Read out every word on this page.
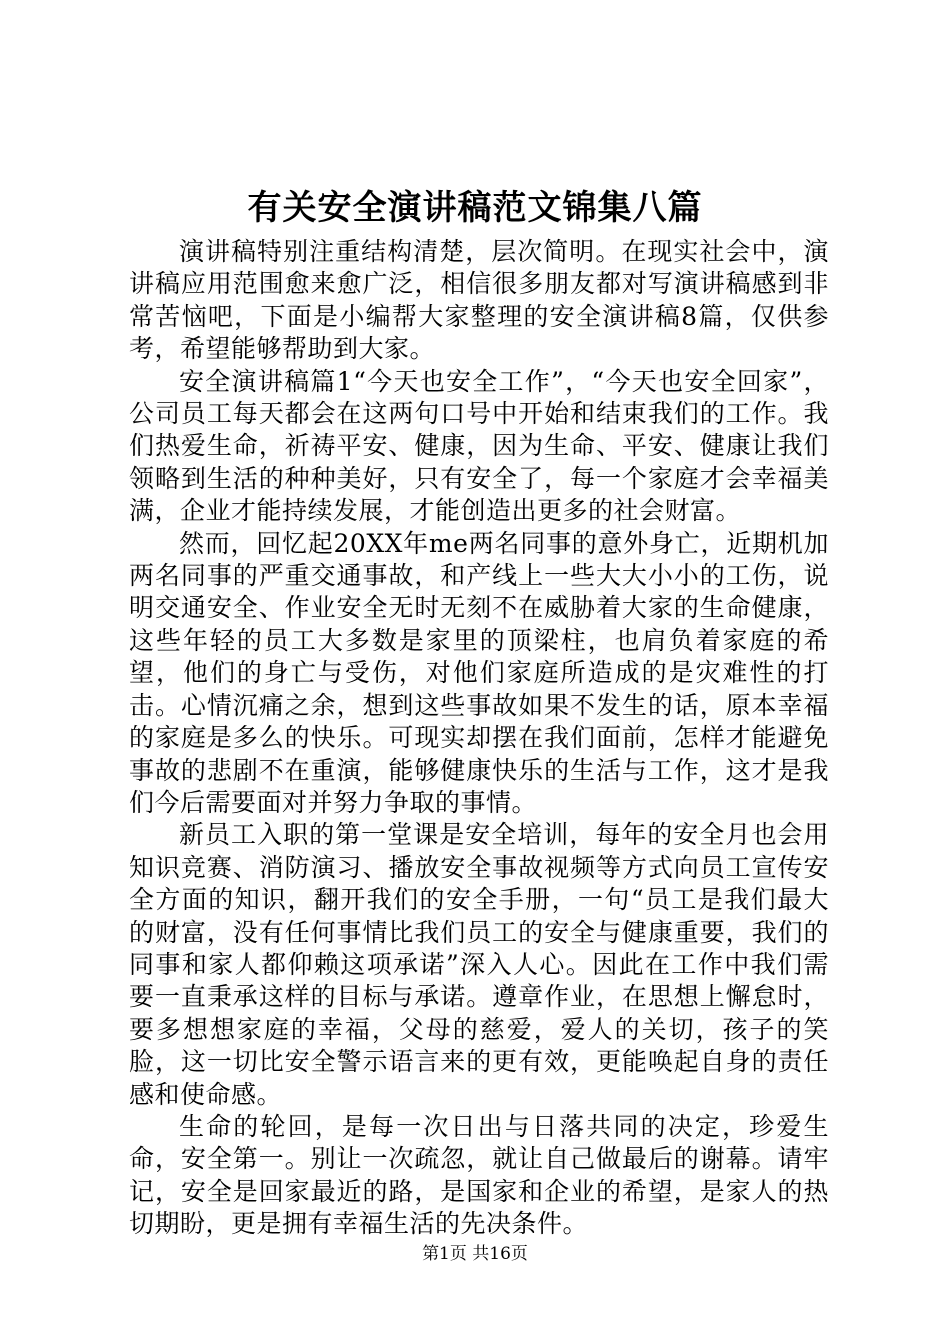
有关安全演讲稿范文锦集八篇

演讲稿特别注重结构清楚，层次简明。在现实社会中，演讲稿应用范围愈来愈广泛，相信很多朋友都对写演讲稿感到非常苦恼吧，下面是小编帮大家整理的安全演讲稿8篇，仅供参考，希望能够帮助到大家。

安全演讲稿篇1“今天也安全工作”，“今天也安全回家”，公司员工每天都会在这两句口号中开始和结束我们的工作。我们热爱生命，祈祷平安、健康，因为生命、平安、健康让我们领略到生活的种种美好，只有安全了，每一个家庭才会幸福美满，企业才能持续发展，才能创造出更多的社会财富。

然而，回忆起20XX年me两名同事的意外身亡，近期机加两名同事的严重交通事故，和产线上一些大大小小的工伤，说明交通安全、作业安全无时无刻不在威胁着大家的生命健康，这些年轻的员工大多数是家里的顶梁柱，也肩负着家庭的希望，他们的身亡与受伤，对他们家庭所造成的是灾难性的打击。心情沉痛之余，想到这些事故如果不发生的话，原本幸福的家庭是多么的快乐。可现实却摆在我们面前，怎样才能避免事故的悲剧不在重演，能够健康快乐的生活与工作，这才是我们今后需要面对并努力争取的事情。

新员工入职的第一堂课是安全培训，每年的安全月也会用知识竞赛、消防演习、播放安全事故视频等方式向员工宣传安全方面的知识，翻开我们的安全手册，一句“员工是我们最大的财富，没有任何事情比我们员工的安全与健康重要，我们的同事和家人都仰赖这项承诺”深入人心。因此在工作中我们需要一直秉承这样的目标与承诺。遵章作业，在思想上懈怠时，要多想想家庭的幸福，父母的慈爱，爱人的关切，孩子的笑脸，这一切比安全警示语言来的更有效，更能唤起自身的责任感和使命感。

生命的轮回，是每一次日出与日落共同的决定，珍爱生命，安全第一。别让一次疏忽，就让自己做最后的谢幕。请牢记，安全是回家最近的路，是国家和企业的希望，是家人的热切期盼，更是拥有幸福生活的先决条件。

第1页 共16页
